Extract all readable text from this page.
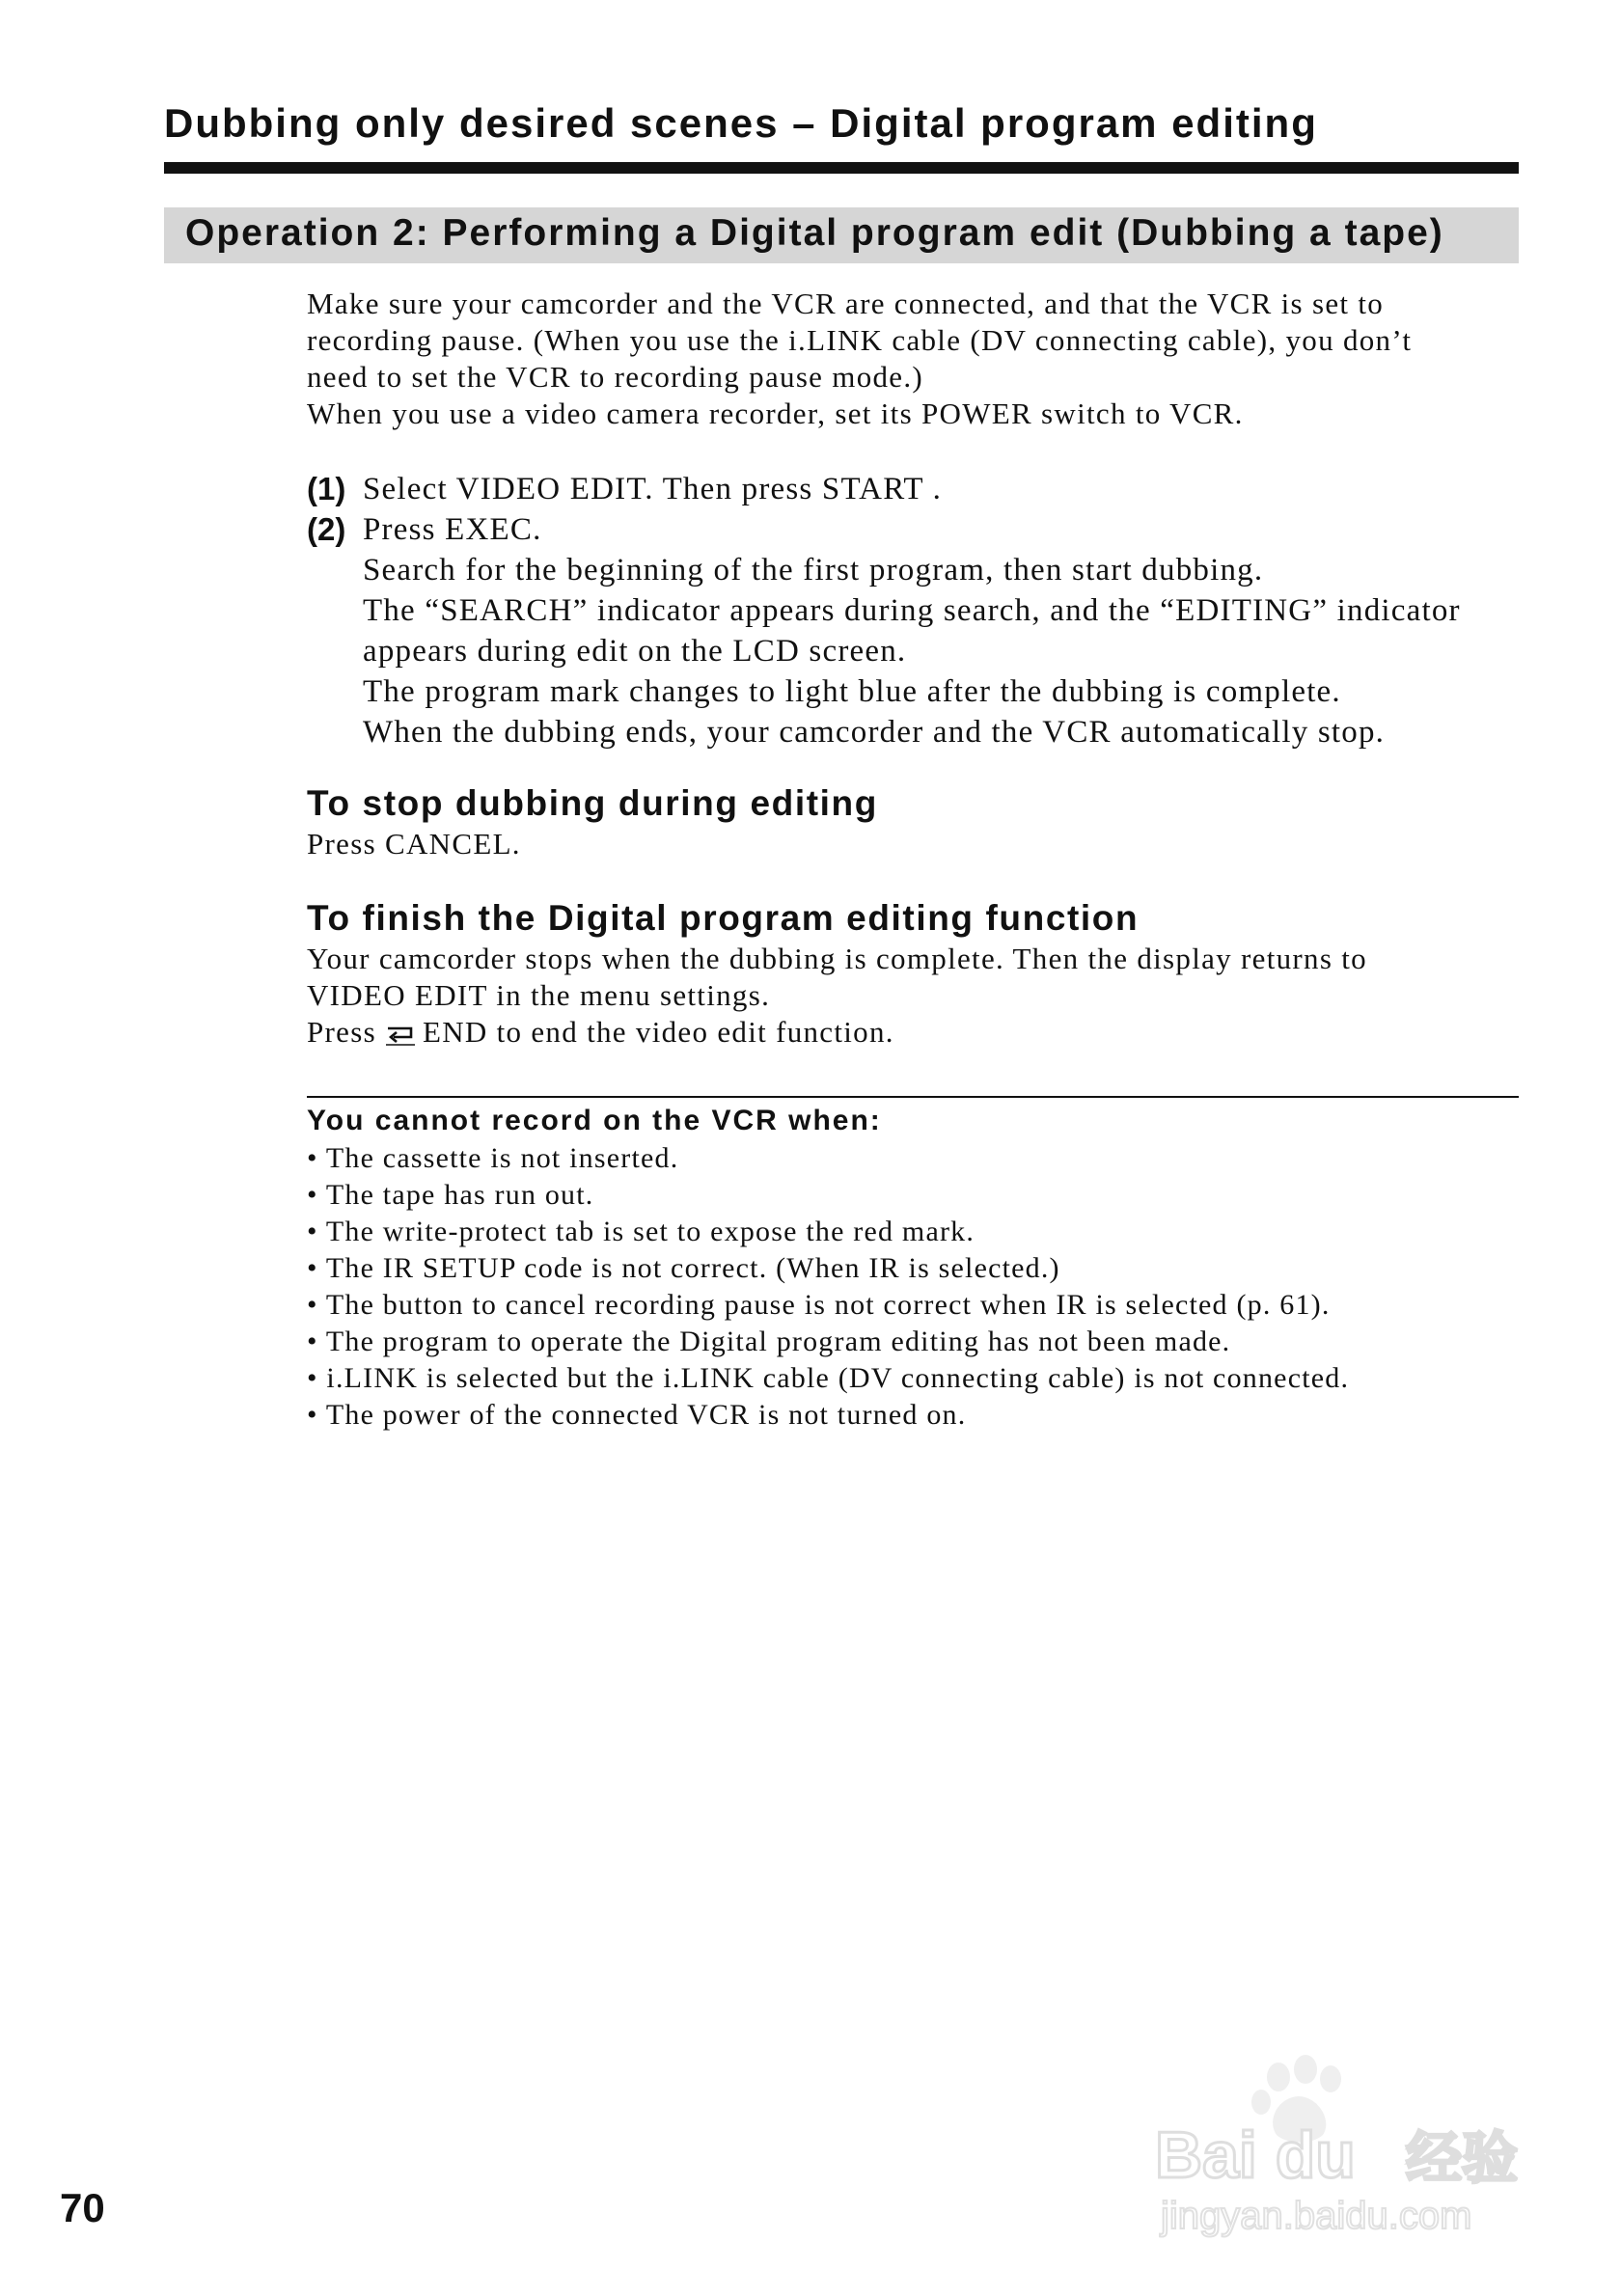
Dubbing only desired scenes – Digital program editing
Operation 2: Performing a Digital program edit (Dubbing a tape)
Make sure your camcorder and the VCR are connected, and that the VCR is set to
recording pause. (When you use the i.LINK cable (DV connecting cable), you don’t
need to set the VCR to recording pause mode.)
When you use a video camera recorder, set its POWER switch to VCR.
(1) Select VIDEO EDIT. Then press START .
(2) Press EXEC.
Search for the beginning of the first program, then start dubbing.
The “SEARCH” indicator appears during search, and the “EDITING” indicator
appears during edit on the LCD screen.
The program mark changes to light blue after the dubbing is complete.
When the dubbing ends, your camcorder and the VCR automatically stop.
To stop dubbing during editing
Press CANCEL.
To finish the Digital program editing function
Your camcorder stops when the dubbing is complete. Then the display returns to
VIDEO EDIT in the menu settings.
Press END to end the video edit function.
You cannot record on the VCR when:
• The cassette is not inserted.
• The tape has run out.
• The write-protect tab is set to expose the red mark.
• The IR SETUP code is not correct. (When IR is selected.)
• The button to cancel recording pause is not correct when IR is selected (p. 61).
• The program to operate the Digital program editing has not been made.
• i.LINK is selected but the i.LINK cable (DV connecting cable) is not connected.
• The power of the connected VCR is not turned on.
70
Bai du 经验
jingyan.baidu.com
